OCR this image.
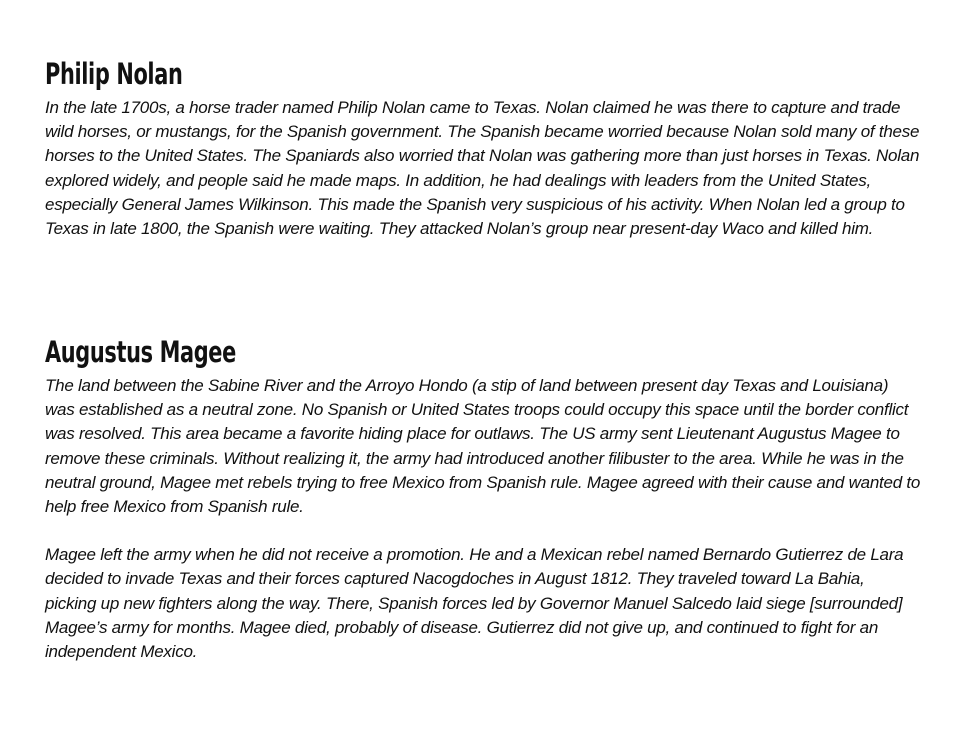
Philip Nolan

In the late 1700s, a horse trader named Philip Nolan came to Texas. Nolan claimed he was there to capture and trade
wild horses, or mustangs, for the Spanish government. The Spanish became worried because Nolan sold many of these
horses to the United States. The Spaniards also worried that Nolan was gathering more than just horses in Texas. Nolan
explored widely, and people said he made maps. In addition, he had dealings with leaders from the United States,
especially General James Wilkinson. This made the Spanish very suspicious of his activity. When Nolan led a group to
Texas in late 1800, the Spanish were waiting. They attacked Nolan’s group near present-day Waco and killed him.

Augustus Magee

The land between the Sabine River and the Arroyo Hondo (a stip of land between present day Texas and Louisiana)
was established as a neutral zone. No Spanish or United States troops could occupy this space until the border conflict
was resolved. This area became a favorite hiding place for outlaws. The US army sent Lieutenant Augustus Magee to
remove these criminals. Without realizing it, the army had introduced another filibuster to the area. While he was in the
neutral ground, Magee met rebels trying to free Mexico from Spanish rule. Magee agreed with their cause and wanted to
help free Mexico from Spanish rule.

Magee left the army when he did not receive a promotion. He and a Mexican rebel named Bernardo Gutierrez de Lara
decided to invade Texas and their forces captured Nacogdoches in August 1812. They traveled toward La Bahia,
picking up new fighters along the way. There, Spanish forces led by Governor Manuel Salcedo laid siege [surrounded]
Magee’s army for months. Magee died, probably of disease. Gutierrez did not give up, and continued to fight for an
independent Mexico.
